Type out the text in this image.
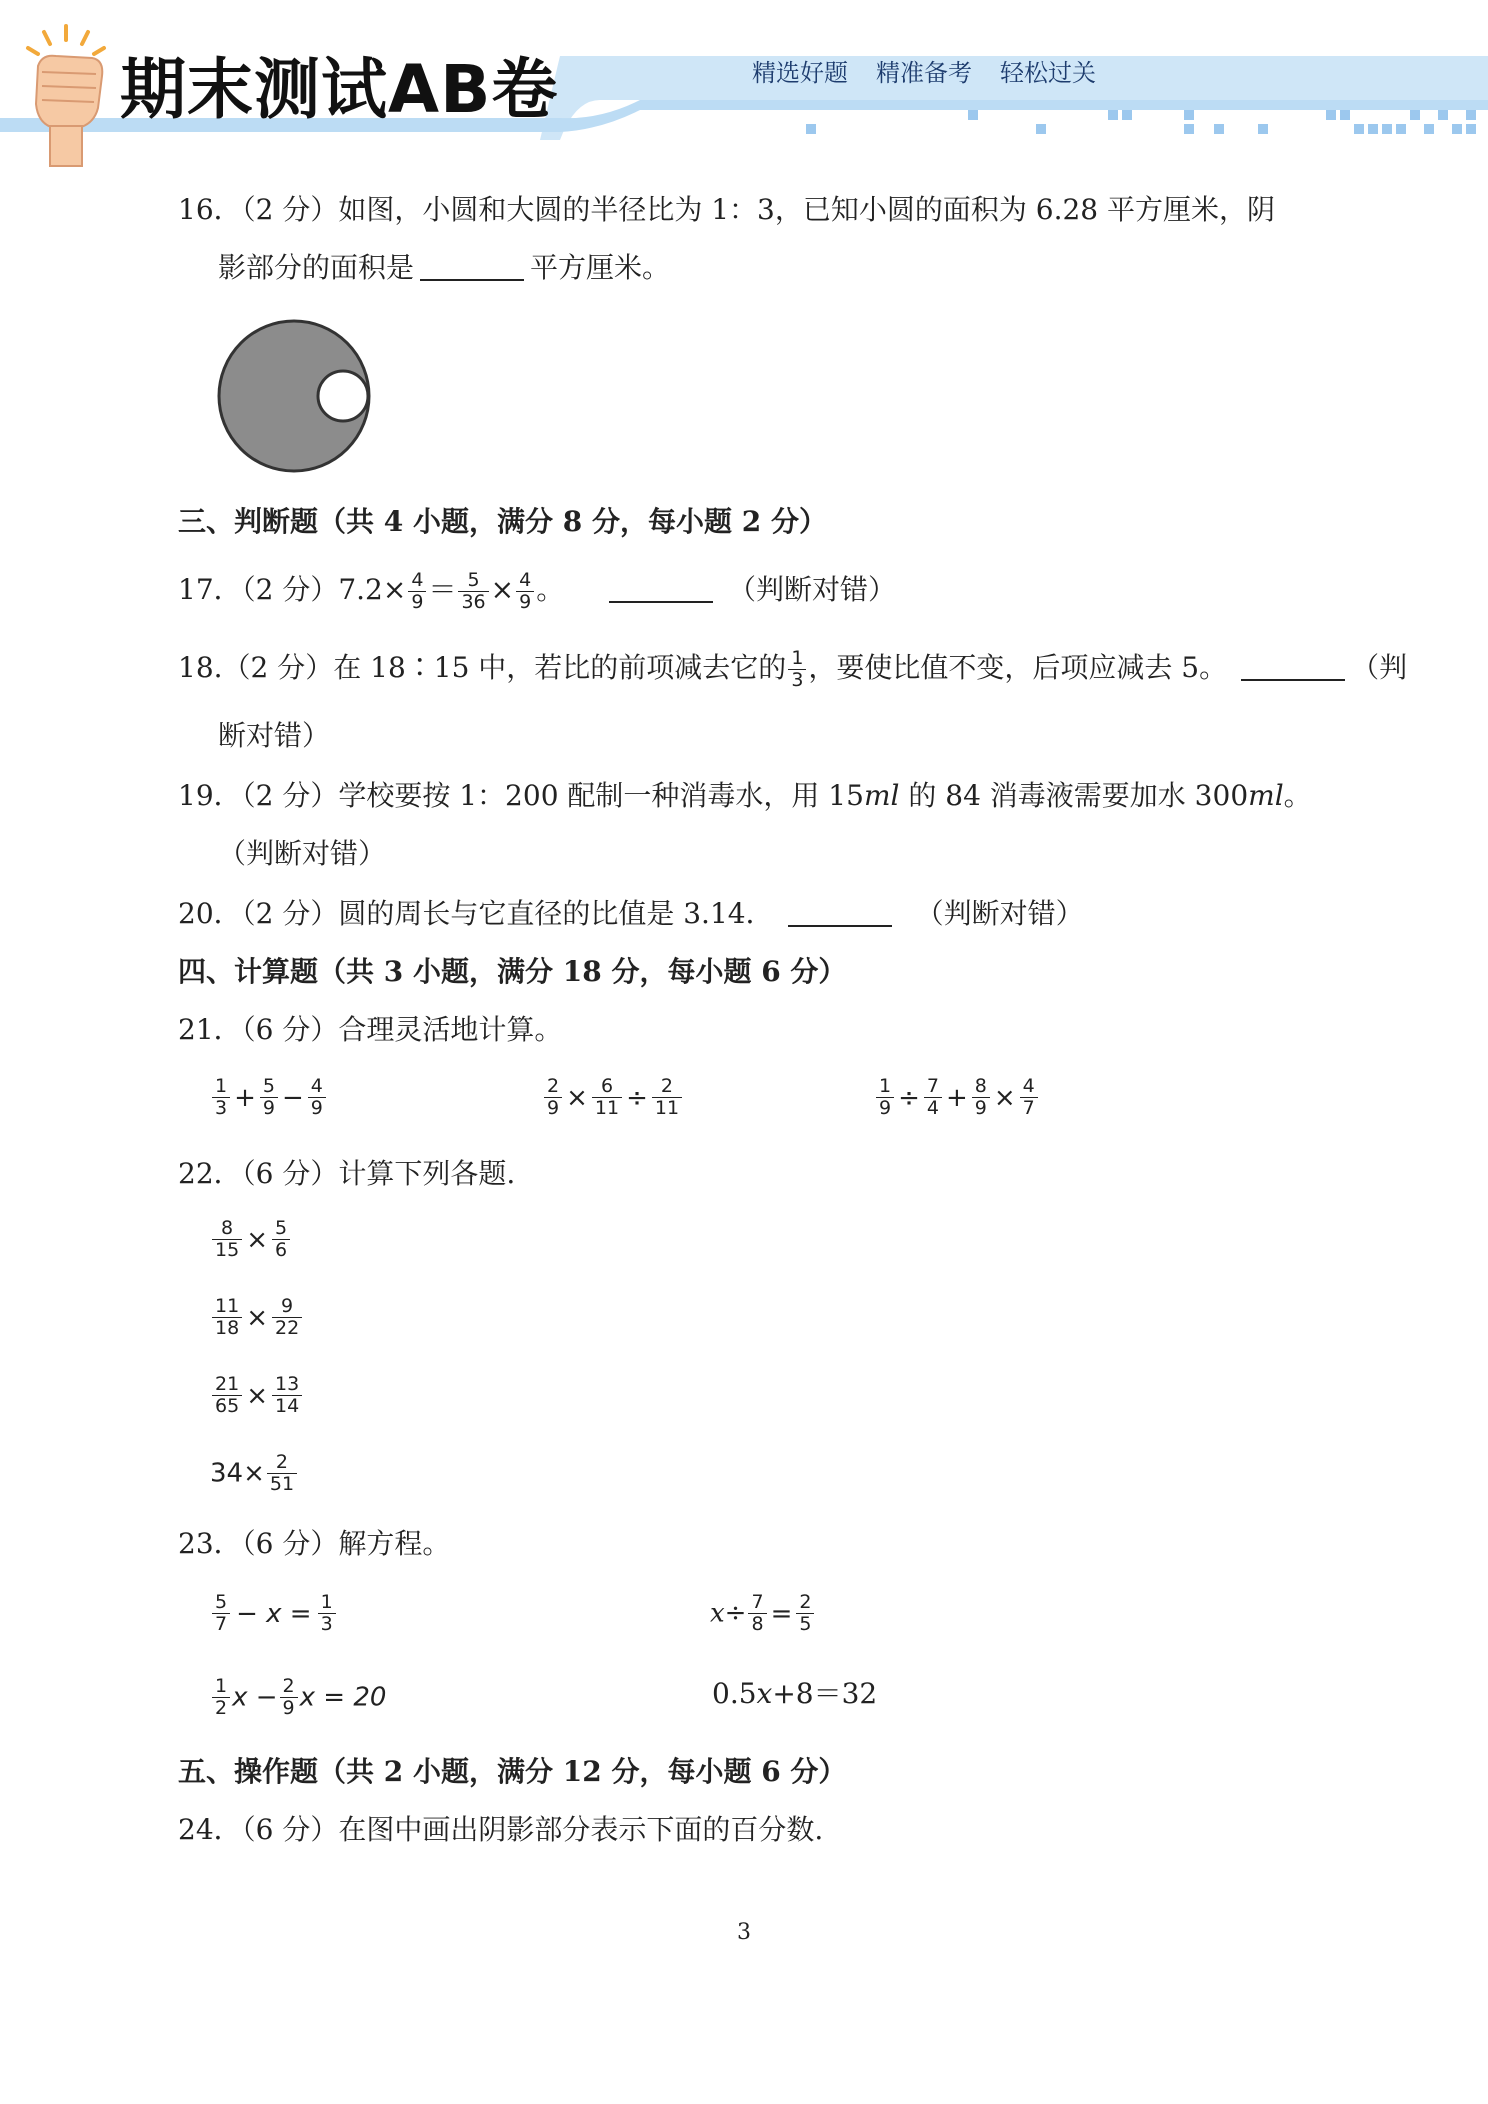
期末测试AB卷	精选好题 精准备考 轻松过关
16．（2 分）如图，小圆和大圆的半径比为 1：3，已知小圆的面积为 6.28 平方厘米，阴
影部分的面积是	平方厘米。
三、判断题（共 4 小题，满分 8 分，每小题 2 分）
17．（2 分）$7.2\times \frac{4}{9} = \frac{5}{36} \times \frac{4}{9}$ 。	（判断对错）
18.（2 分）在 18∶15 中，若比的前项减去它的 $\frac{1}{3}$ ，要使比值不变，后项应减去 5。	（判
断对错）
19．（2 分）学校要按 1：200 配制一种消毒水，用 15ml 的 84 消毒液需要加水 300ml。
（判断对错）
20．（2 分）圆的周长与它直径的比值是 3.14．	（判断对错）
四、计算题（共 3 小题，满分 18 分，每小题 6 分）
21．（6 分）合理灵活地计算。
$\frac{1}{3} + \frac{5}{9} - \frac{4}{9}$	$\frac{2}{9} \times \frac{6}{11} \div \frac{2}{11}$	$\frac{1}{9} \div \frac{7}{4} + \frac{8}{9} \times \frac{4}{7}$
22．（6 分）计算下列各题.
$\frac{8}{15} \times \frac{5}{6}$
$\frac{11}{18} \times \frac{9}{22}$
$\frac{21}{65} \times \frac{13}{14}$
$34\times \frac{2}{51}$
23．（6 分）解方程。
$\frac{5}{7} - x = \frac{1}{3}$	$x\div \frac{7}{8} = \frac{2}{5}$
$\frac{1}{2}$ $x - \frac{2}{9}$ x = 20	0.5x+8＝32
五、操作题（共 2 小题，满分 12 分，每小题 6 分）
24．（6 分）在图中画出阴影部分表示下面的百分数.
3
